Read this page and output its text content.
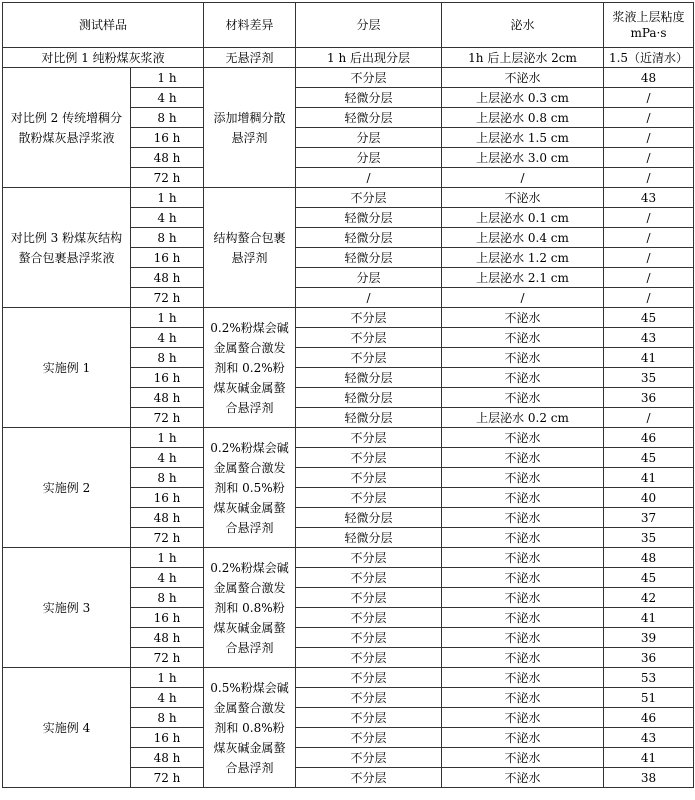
测试样品		材料差异	分层	泌水	浆液上层粘度 mPa·s
对比例 1 纯粉煤灰浆液		无悬浮剂	1 h 后出现分层	1h 后上层泌水 2cm	1.5（近清水）
对比例 2 传统增稠分散粉煤灰悬浮浆液	1 h	添加增稠分散悬浮剂	不分层	不泌水	48
	4 h		轻微分层	上层泌水 0.3 cm	/
	8 h		轻微分层	上层泌水 0.8 cm	/
	16 h		分层	上层泌水 1.5 cm	/
	48 h		分层	上层泌水 3.0 cm	/
	72 h		/	/	/
对比例 3 粉煤灰结构螯合包裹悬浮浆液	1 h	结构螯合包裹悬浮剂	不分层	不泌水	43
	4 h		轻微分层	上层泌水 0.1 cm	/
	8 h		轻微分层	上层泌水 0.4 cm	/
	16 h		轻微分层	上层泌水 1.2 cm	/
	48 h		分层	上层泌水 2.1 cm	/
	72 h		/	/	/
实施例 1	1 h	0.2%粉煤会碱金属螯合激发剂和 0.2%粉煤灰碱金属螯合悬浮剂	不分层	不泌水	45
	4 h		不分层	不泌水	43
	8 h		不分层	不泌水	41
	16 h		轻微分层	不泌水	35
	48 h		轻微分层	不泌水	36
	72 h		轻微分层	上层泌水 0.2 cm	/
实施例 2	1 h	0.2%粉煤会碱金属螯合激发剂和 0.5%粉煤灰碱金属螯合悬浮剂	不分层	不泌水	46
	4 h		不分层	不泌水	45
	8 h		不分层	不泌水	41
	16 h		不分层	不泌水	40
	48 h		轻微分层	不泌水	37
	72 h		轻微分层	不泌水	35
实施例 3	1 h	0.2%粉煤会碱金属螯合激发剂和 0.8%粉煤灰碱金属螯合悬浮剂	不分层	不泌水	48
	4 h		不分层	不泌水	45
	8 h		不分层	不泌水	42
	16 h		不分层	不泌水	41
	48 h		不分层	不泌水	39
	72 h		不分层	不泌水	36
实施例 4	1 h	0.5%粉煤会碱金属螯合激发剂和 0.8%粉煤灰碱金属螯合悬浮剂	不分层	不泌水	53
	4 h		不分层	不泌水	51
	8 h		不分层	不泌水	46
	16 h		不分层	不泌水	43
	48 h		不分层	不泌水	41
	72 h		不分层	不泌水	38
